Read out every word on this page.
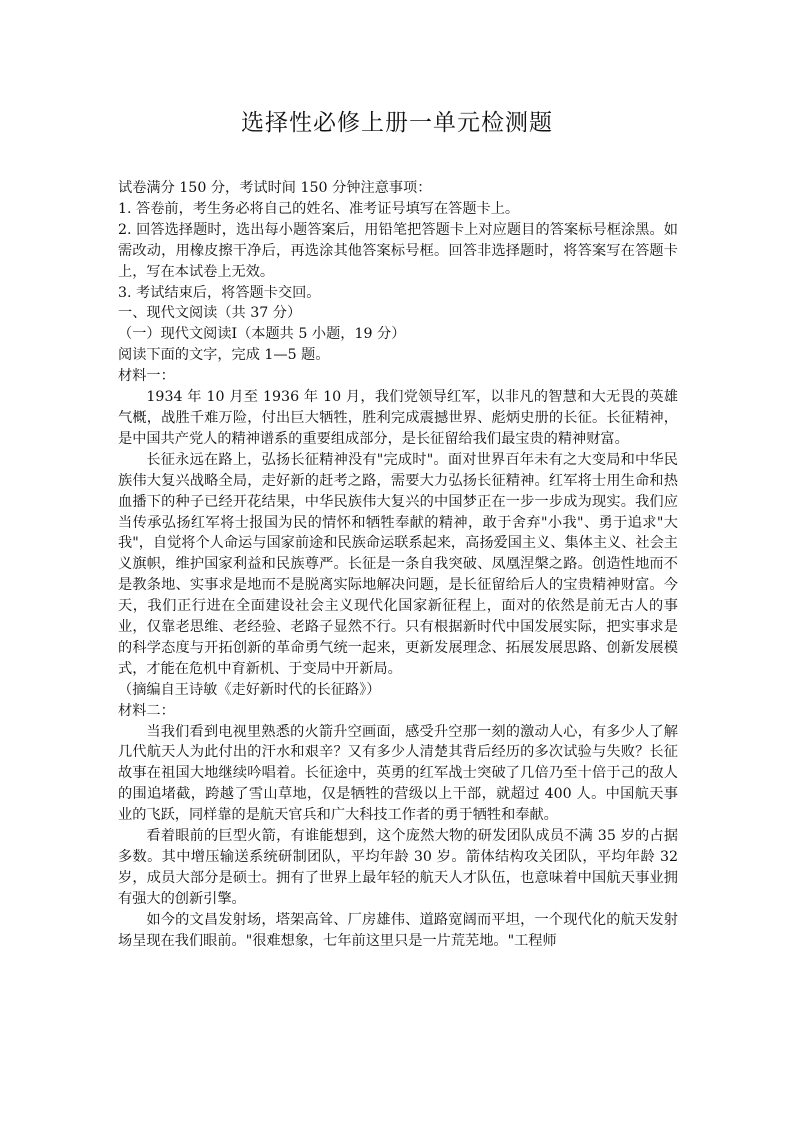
选择性必修上册一单元检测题

试卷满分 150 分，考试时间 150 分钟注意事项：

1. 答卷前，考生务必将自己的姓名、准考证号填写在答题卡上。

2. 回答选择题时，选出每小题答案后，用铅笔把答题卡上对应题目的答案标号框涂黑。如需改动，用橡皮擦干净后，再选涂其他答案标号框。回答非选择题时，将答案写在答题卡上，写在本试卷上无效。

3. 考试结束后，将答题卡交回。

一、现代文阅读（共 37 分）

（一）现代文阅读Ⅰ（本题共 5 小题，19 分）

阅读下面的文字，完成 1—5 题。

材料一：

1934 年 10 月至 1936 年 10 月，我们党领导红军，以非凡的智慧和大无畏的英雄气概，战胜千难万险，付出巨大牺牲，胜利完成震撼世界、彪炳史册的长征。长征精神，是中国共产党人的精神谱系的重要组成部分，是长征留给我们最宝贵的精神财富。

长征永远在路上，弘扬长征精神没有"完成时"。面对世界百年未有之大变局和中华民族伟大复兴战略全局，走好新的赶考之路，需要大力弘扬长征精神。红军将士用生命和热血播下的种子已经开花结果，中华民族伟大复兴的中国梦正在一步一步成为现实。我们应当传承弘扬红军将士报国为民的情怀和牺牲奉献的精神，敢于舍弃"小我"、勇于追求"大我"，自觉将个人命运与国家前途和民族命运联系起来，高扬爱国主义、集体主义、社会主义旗帜，维护国家利益和民族尊严。长征是一条自我突破、凤凰涅槃之路。创造性地而不是教条地、实事求是地而不是脱离实际地解决问题，是长征留给后人的宝贵精神财富。今天，我们正行进在全面建设社会主义现代化国家新征程上，面对的依然是前无古人的事业，仅靠老思维、老经验、老路子显然不行。只有根据新时代中国发展实际，把实事求是的科学态度与开拓创新的革命勇气统一起来，更新发展理念、拓展发展思路、创新发展模式，才能在危机中育新机、于变局中开新局。

（摘编自王诗敏《走好新时代的长征路》）

材料二：

当我们看到电视里熟悉的火箭升空画面，感受升空那一刻的激动人心，有多少人了解几代航天人为此付出的汗水和艰辛？又有多少人清楚其背后经历的多次试验与失败？长征故事在祖国大地继续吟唱着。长征途中，英勇的红军战士突破了几倍乃至十倍于己的敌人的围追堵截，跨越了雪山草地，仅是牺牲的营级以上干部，就超过 400 人。中国航天事业的飞跃，同样靠的是航天官兵和广大科技工作者的勇于牺牲和奉献。

看着眼前的巨型火箭，有谁能想到，这个庞然大物的研发团队成员不满 35 岁的占据多数。其中增压输送系统研制团队，平均年龄 30 岁。箭体结构攻关团队，平均年龄 32 岁，成员大部分是硕士。拥有了世界上最年轻的航天人才队伍，也意味着中国航天事业拥有强大的创新引擎。

如今的文昌发射场，塔架高耸、厂房雄伟、道路宽阔而平坦，一个现代化的航天发射场呈现在我们眼前。"很难想象，七年前这里只是一片荒芜地。"工程师
